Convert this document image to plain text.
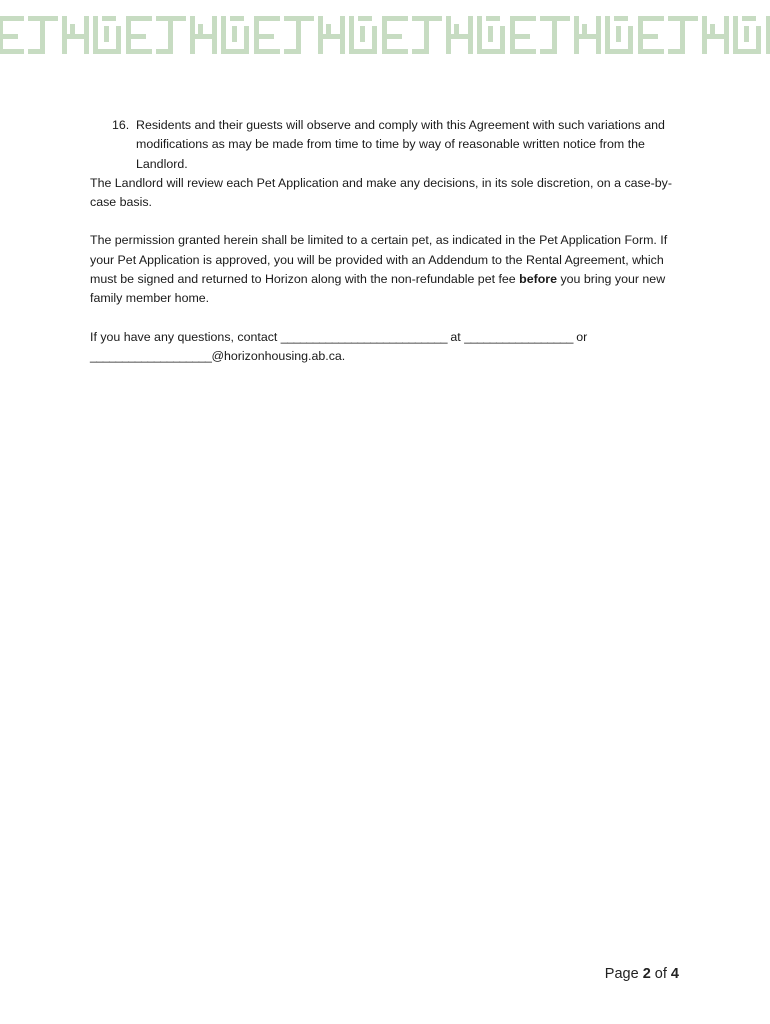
16. Residents and their guests will observe and comply with this Agreement with such variations and modifications as may be made from time to time by way of reasonable written notice from the Landlord.

The Landlord will review each Pet Application and make any decisions, in its sole discretion, on a case-by-case basis.

The permission granted herein shall be limited to a certain pet, as indicated in the Pet Application Form. If your Pet Application is approved, you will be provided with an Addendum to the Rental Agreement, which must be signed and returned to Horizon along with the non-refundable pet fee before you bring your new family member home.

If you have any questions, contact __________________________ at _________________ or
___________________@horizonhousing.ab.ca.

Page 2 of 4
